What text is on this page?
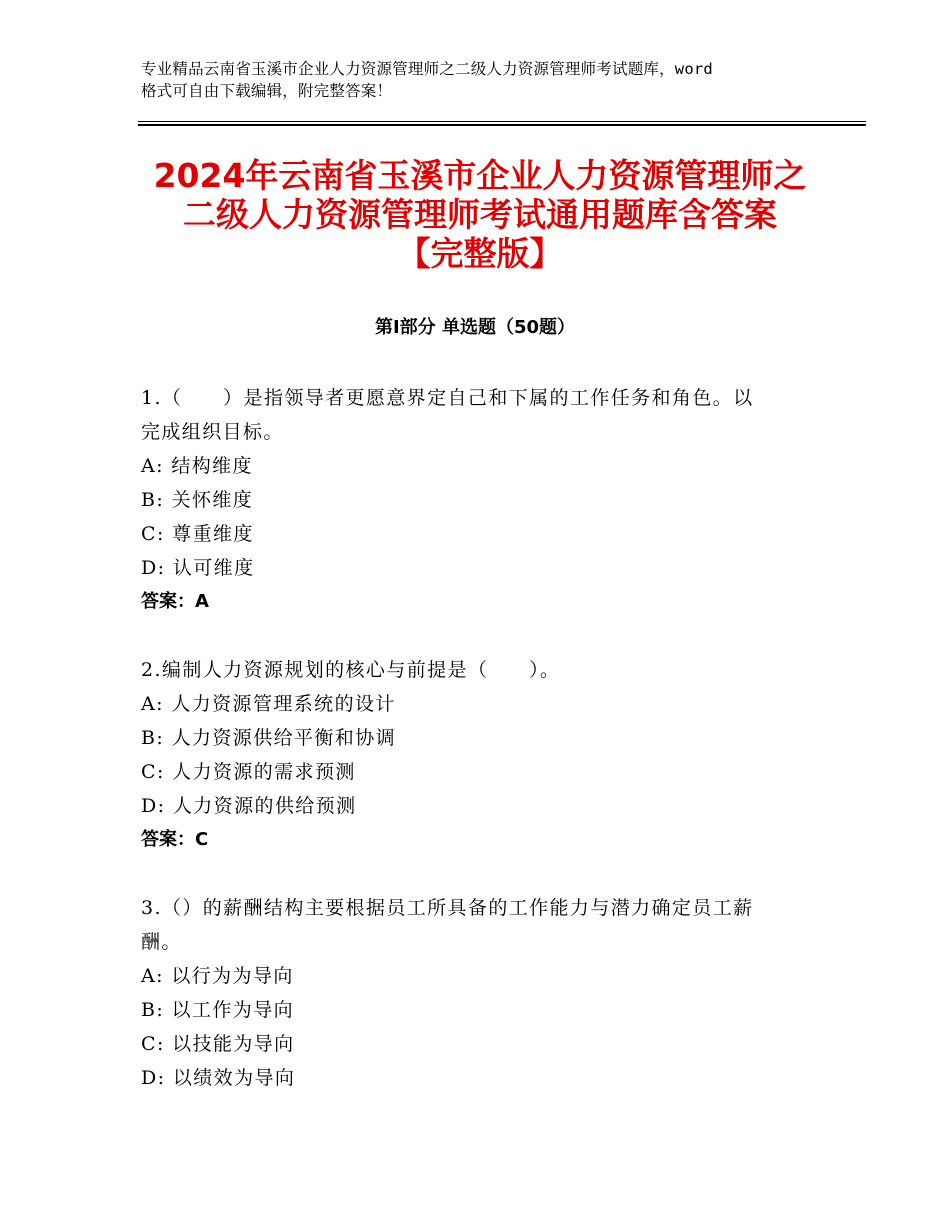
专业精品云南省玉溪市企业人力资源管理师之二级人力资源管理师考试题库，word
格式可自由下载编辑，附完整答案！
2024年云南省玉溪市企业人力资源管理师之
二级人力资源管理师考试通用题库含答案
【完整版】
第Ⅰ部分 单选题（50题）
1.（　　）是指领导者更愿意界定自己和下属的工作任务和角色。以
完成组织目标。
A: 结构维度
B: 关怀维度
C: 尊重维度
D: 认可维度
答案：A
2.编制人力资源规划的核心与前提是（　　）。
A: 人力资源管理系统的设计
B: 人力资源供给平衡和协调
C: 人力资源的需求预测
D: 人力资源的供给预测
答案：C
3.（）的薪酬结构主要根据员工所具备的工作能力与潜力确定员工薪
酬。
A: 以行为为导向
B: 以工作为导向
C: 以技能为导向
D: 以绩效为导向
